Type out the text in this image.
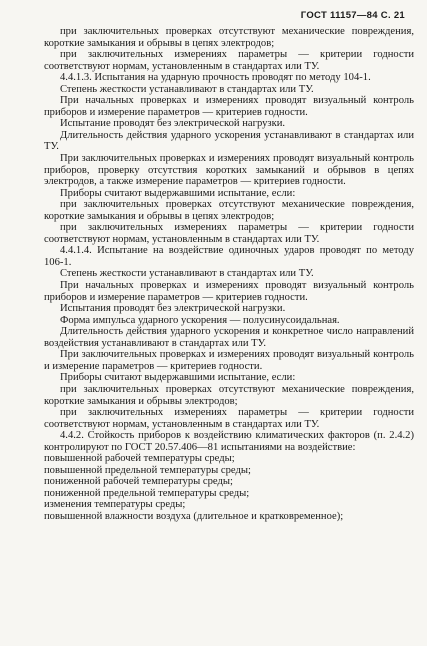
ГОСТ 11157—84 С. 21

при заключительных проверках отсутствуют механические повреждения, короткие замыкания и обрывы в цепях электродов;

при заключительных измерениях параметры — критерии годности соответствуют нормам, установленным в стандартах или ТУ.

4.4.1.3. Испытания на ударную прочность проводят по методу 104-1.

Степень жесткости устанавливают в стандартах или ТУ.

При начальных проверках и измерениях проводят визуальный контроль приборов и измерение параметров — критериев годности.

Испытание проводят без электрической нагрузки.

Длительность действия ударного ускорения устанавливают в стандартах или ТУ.

При заключительных проверках и измерениях проводят визуальный контроль приборов, проверку отсутствия коротких замыканий и обрывов в цепях электродов, а также измерение параметров — критериев годности.

Приборы считают выдержавшими испытание, если:

при заключительных проверках отсутствуют механические повреждения, короткие замыкания и обрывы в цепях электродов;

при заключительных измерениях параметры — критерии годности соответствуют нормам, установленным в стандартах или ТУ.

4.4.1.4. Испытание на воздействие одиночных ударов проводят по методу 106-1.

Степень жесткости устанавливают в стандартах или ТУ.

При начальных проверках и измерениях проводят визуальный контроль приборов и измерение параметров — критериев годности.

Испытания проводят без электрической нагрузки.

Форма импульса ударного ускорения — полусинусоидальная.

Длительность действия ударного ускорения и конкретное число направлений воздействия устанавливают в стандартах или ТУ.

При заключительных проверках и измерениях проводят визуальный контроль и измерение параметров — критериев годности.

Приборы считают выдержавшими испытание, если:

при заключительных проверках отсутствуют механические повреждения, короткие замыкания и обрывы электродов;

при заключительных измерениях параметры — критерии годности соответствуют нормам, установленным в стандартах или ТУ.

4.4.2. Стойкость приборов к воздействию климатических факторов (п. 2.4.2) контролируют по ГОСТ 20.57.406—81 испытаниями на воздействие:

повышенной рабочей температуры среды;

повышенной предельной температуры среды;

пониженной рабочей температуры среды;

пониженной предельной температуры среды;

изменения температуры среды;

повышенной влажности воздуха (длительное и кратковременное);
